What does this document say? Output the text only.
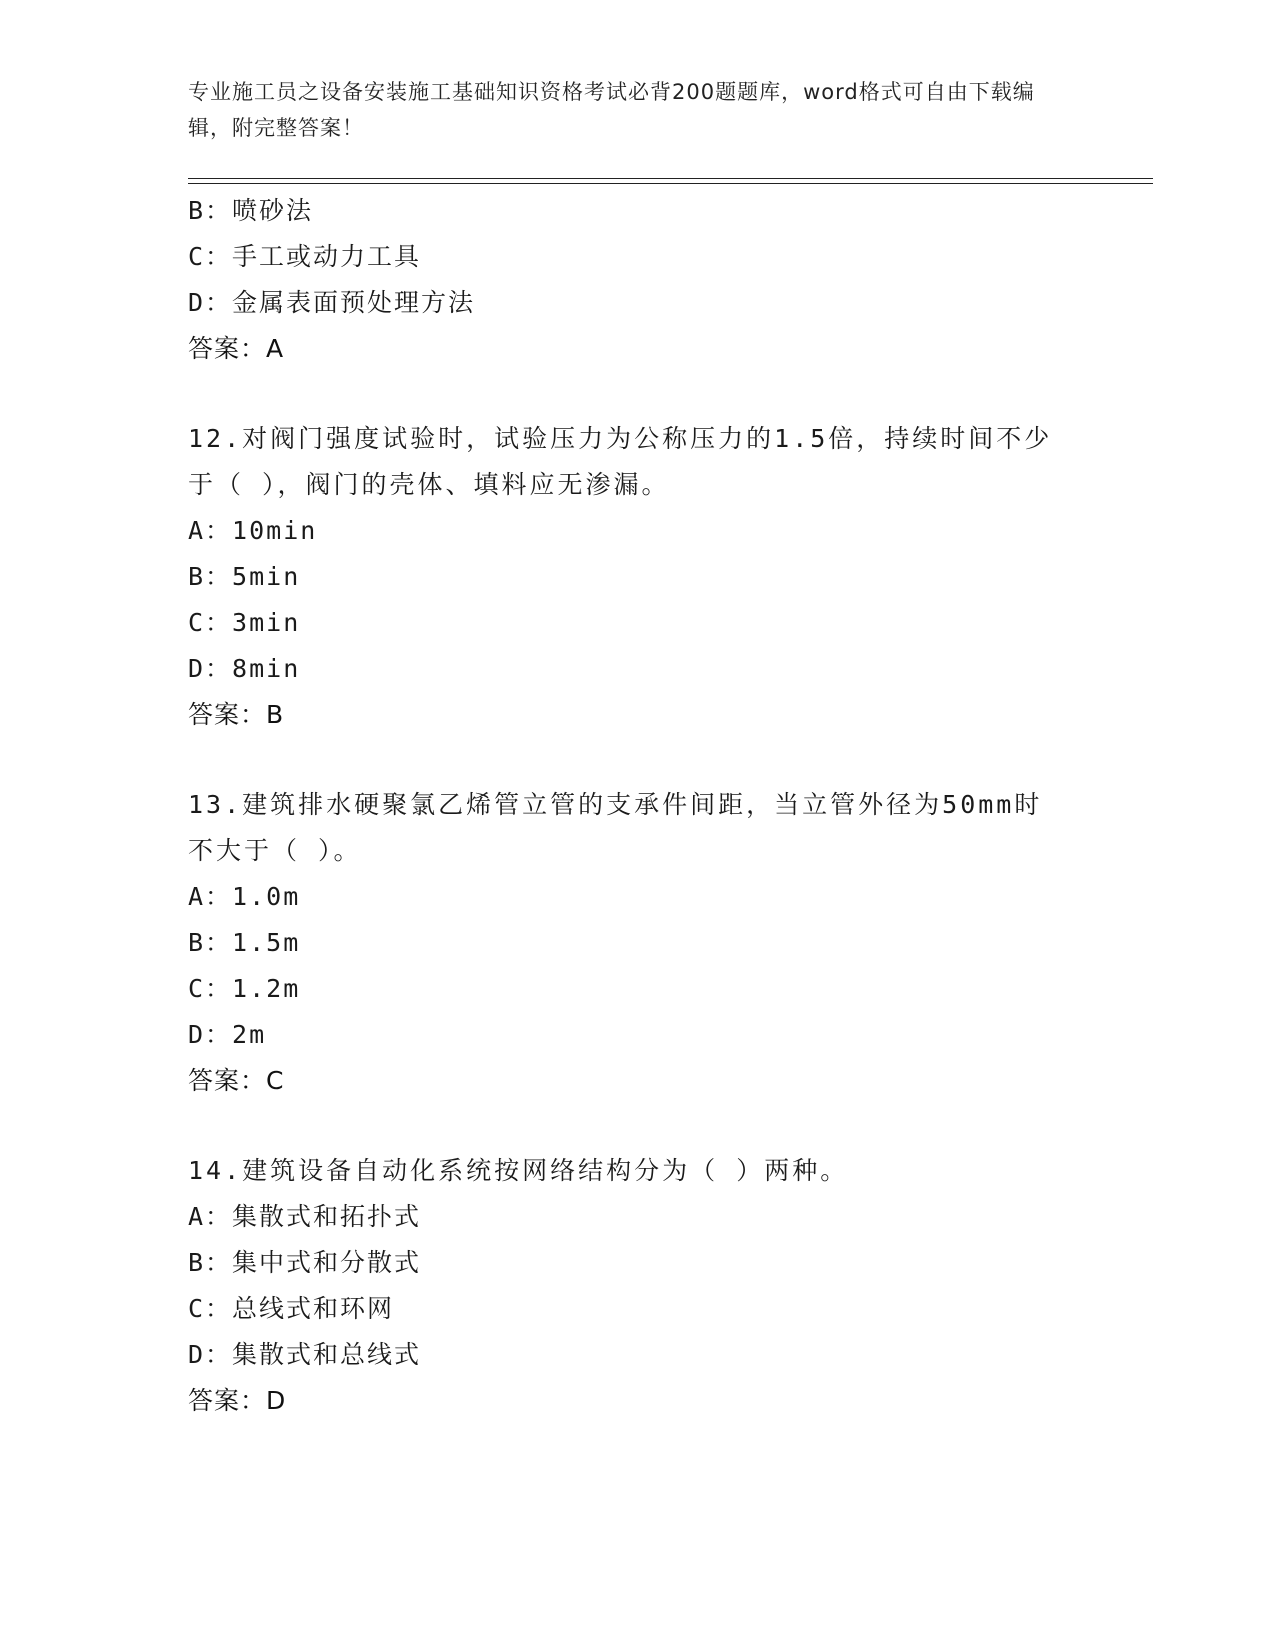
专业施工员之设备安装施工基础知识资格考试必背200题题库，word格式可自由下载编辑，附完整答案！
B：喷砂法
C：手工或动力工具
D：金属表面预处理方法
答案：A
12.对阀门强度试验时，试验压力为公称压力的1.5倍，持续时间不少
于（ ），阀门的壳体、填料应无渗漏。
A：10min
B：5min
C：3min
D：8min
答案：B
13.建筑排水硬聚氯乙烯管立管的支承件间距，当立管外径为50mm时
不大于（ ）。
A：1.0m
B：1.5m
C：1.2m
D：2m
答案：C
14.建筑设备自动化系统按网络结构分为（ ）两种。
A：集散式和拓扑式
B：集中式和分散式
C：总线式和环网
D：集散式和总线式
答案：D
